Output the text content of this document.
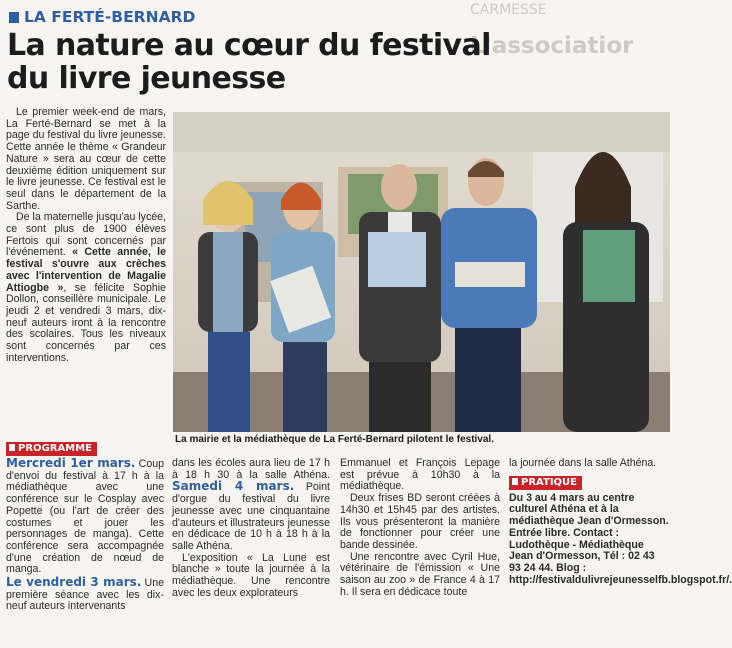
CARMESSE
L'associatior
LA FERTÉ-BERNARD
La nature au cœur du festival
du livre jeunesse

Le premier week-end de mars, La Ferté-Bernard se met à la page du festival du livre jeunesse. Cette année le thème « Grandeur Nature » sera au cœur de cette deuxième édition uniquement sur le livre jeunesse. Ce festival est le seul dans le département de la Sarthe.

De la maternelle jusqu'au lycée, ce sont plus de 1900 élèves Fertois qui sont concernés par l'événement. « Cette année, le festival s'ouvre aux crèches avec l'intervention de Magalie Attiogbe », se félicite Sophie Dollon, conseillère municipale. Le jeudi 2 et vendredi 3 mars, dix-neuf auteurs iront à la rencontre des scolaires. Tous les niveaux sont concernés par ces interventions.

La mairie et la médiathèque de La Ferté-Bernard pilotent le festival.
PROGRAMME
Mercredi 1er mars. Coup d'envoi du festival à 17 h à la médiathèque avec une conférence sur le Cosplay avec Popette (ou l'art de créer des costumes et jouer les personnages de manga). Cette conférence sera accompagnée d'une création de nœud de manga.
Le vendredi 3 mars. Une première séance avec les dix-neuf auteurs intervenants
dans les écoles aura lieu de 17 h à 18 h 30 à la salle Athéna. Samedi 4 mars. Point d'orgue du festival du livre jeunesse avec une cinquantaine d'auteurs et illustrateurs jeunesse en dédicace de 10 h à 18 h à la salle Athéna.

L'exposition « La Lune est blanche » toute la journée à la médiathèque. Une rencontre avec les deux explorateurs

Emmanuel et François Lepage est prévue à 10h30 à la médiathèque.

Deux frises BD seront créées à 14h30 et 15h45 par des artistes. Ils vous présenteront la manière de fonctionner pour créer une bande dessinée.

Une rencontre avec Cyril Hue, vétérinaire de l'émission « Une saison au zoo » de France 4 à 17 h. Il sera en dédicace toute

la journée dans la salle Athéna.
PRATIQUE
Du 3 au 4 mars au centre culturel Athéna et à la médiathèque Jean d'Ormesson. Entrée libre. Contact : Ludothèque - Médiathèque Jean d'Ormesson, Tél : 02 43 93 24 44. Blog : http://festivaldulivrejeunesselfb.blogspot.fr/.
